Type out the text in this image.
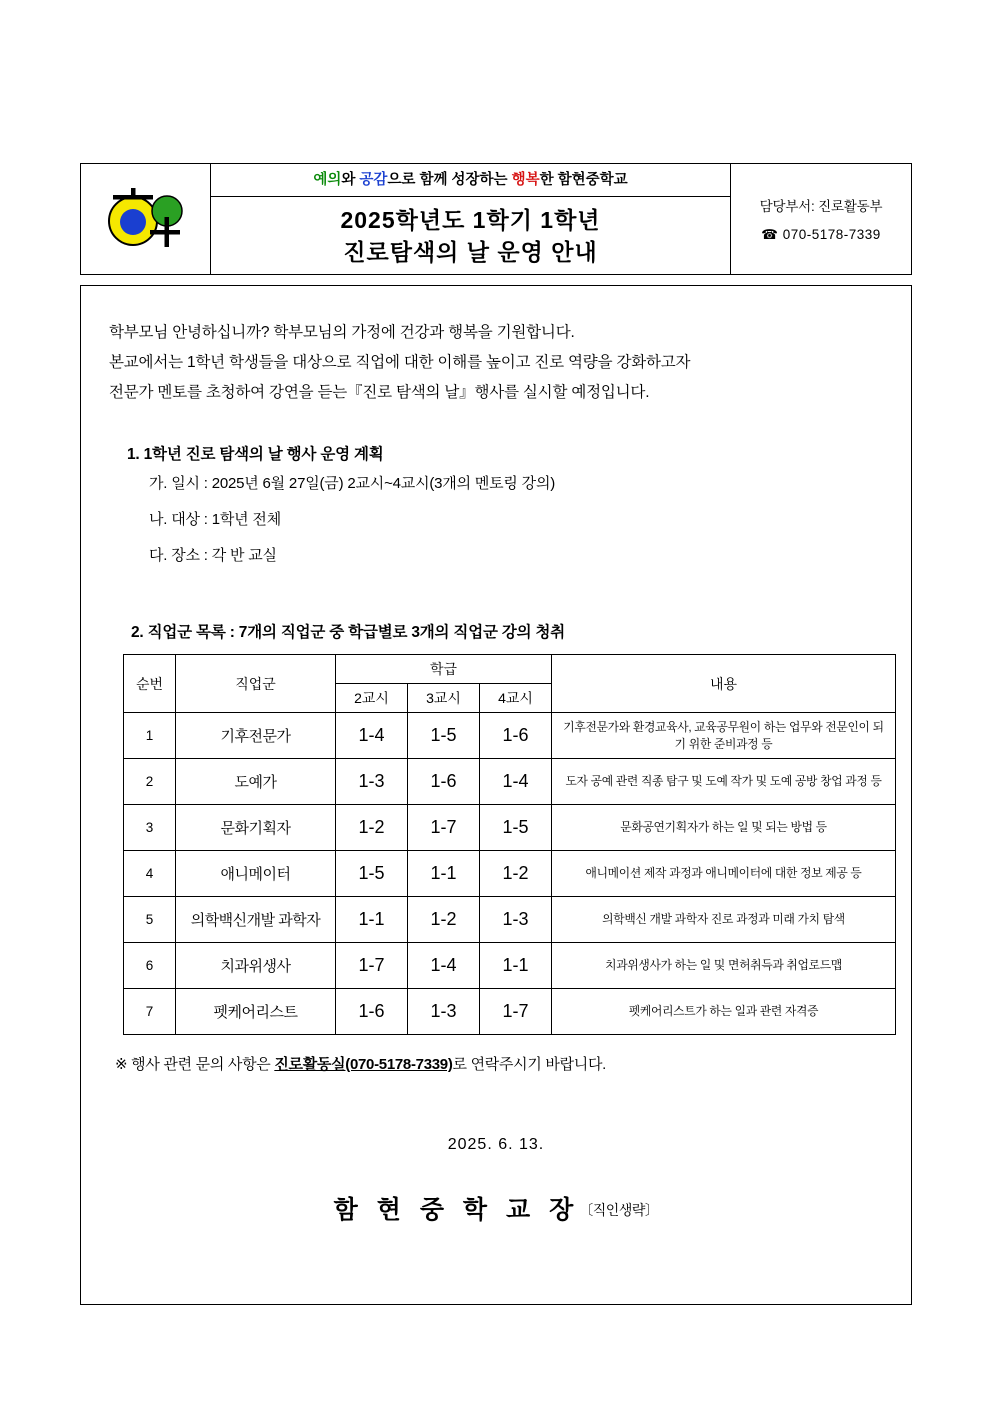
예의와 공감으로 함께 성장하는 행복한 함현중학교
2025학년도 1학기 1학년
진로탐색의 날 운영 안내
담당부서: 진로활동부
☎ 070-5178-7339

학부모님 안녕하십니까? 학부모님의 가정에 건강과 행복을 기원합니다.

본교에서는 1학년 학생들을 대상으로 직업에 대한 이해를 높이고 진로 역량을 강화하고자

전문가 멘토를 초청하여 강연을 듣는『진로 탐색의 날』행사를 실시할 예정입니다.

1. 1학년 진로 탐색의 날 행사 운영 계획
가. 일시 : 2025년 6월 27일(금) 2교시~4교시(3개의 멘토링 강의)
나. 대상 : 1학년 전체
다. 장소 : 각 반 교실
2. 직업군 목록 : 7개의 직업군 중 학급별로 3개의 직업군 강의 청취
순번	직업군	학급			내용
		2교시	3교시	4교시	
1	기후전문가	1-4	1-5	1-6	기후전문가와 환경교육사, 교육공무원이 하는 업무와 전문인이 되기 위한 준비과정 등
2	도예가	1-3	1-6	1-4	도자 공예 관련 직종 탐구 및 도예 작가 및 도예 공방 창업 과정 등
3	문화기획자	1-2	1-7	1-5	문화공연기획자가 하는 일 및 되는 방법 등
4	애니메이터	1-5	1-1	1-2	애니메이션 제작 과정과 애니메이터에 대한 정보 제공 등
5	의학백신개발 과학자	1-1	1-2	1-3	의학백신 개발 과학자 진로 과정과 미래 가치 탐색
6	치과위생사	1-7	1-4	1-1	치과위생사가 하는 일 및 면허취득과 취업로드맵
7	펫케어리스트	1-6	1-3	1-7	펫케어리스트가 하는 일과 관련 자격증
※ 행사 관련 문의 사항은 진로활동실(070-5178-7339)로 연락주시기 바랍니다.
2025. 6. 13.
함 현 중 학 교 장〔직인생략〕
